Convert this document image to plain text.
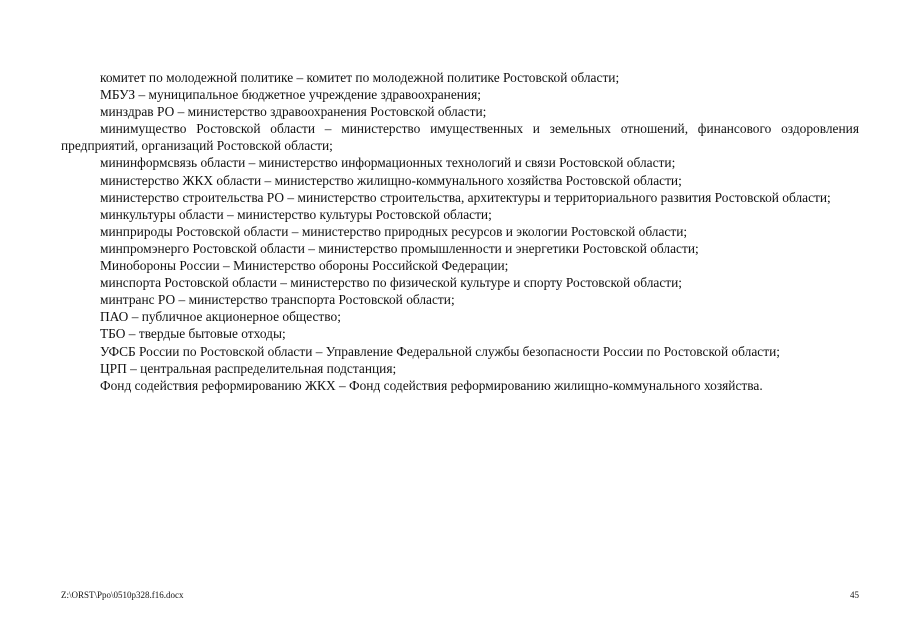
комитет по молодежной политике – комитет по молодежной политике Ростовской области;

МБУЗ – муниципальное бюджетное учреждение здравоохранения;

минздрав РО – министерство здравоохранения Ростовской области;

минимущество Ростовской области – министерство имущественных и земельных отношений, финансового оздоровления предприятий, организаций Ростовской области;

мининформсвязь области – министерство информационных технологий и связи Ростовской области;

министерство ЖКХ области – министерство жилищно-коммунального хозяйства Ростовской области;

министерство строительства РО – министерство строительства, архитектуры и территориального развития Ростовской области;

минкультуры области – министерство культуры Ростовской области;

минприроды Ростовской области – министерство природных ресурсов и экологии Ростовской области;

минпромэнерго Ростовской области – министерство промышленности и энергетики Ростовской области;

Минобороны России – Министерство обороны Российской Федерации;

минспорта Ростовской области – министерство по физической культуре и спорту Ростовской области;

минтранс РО – министерство транспорта Ростовской области;

ПАО – публичное акционерное общество;

ТБО – твердые бытовые отходы;

УФСБ России по Ростовской области – Управление Федеральной службы безопасности России по Ростовской области;

ЦРП – центральная распределительная подстанция;

Фонд содействия реформированию ЖКХ – Фонд содействия реформированию жилищно-коммунального хозяйства.

Z:\ORST\Ppo\0510p328.f16.docx	45
